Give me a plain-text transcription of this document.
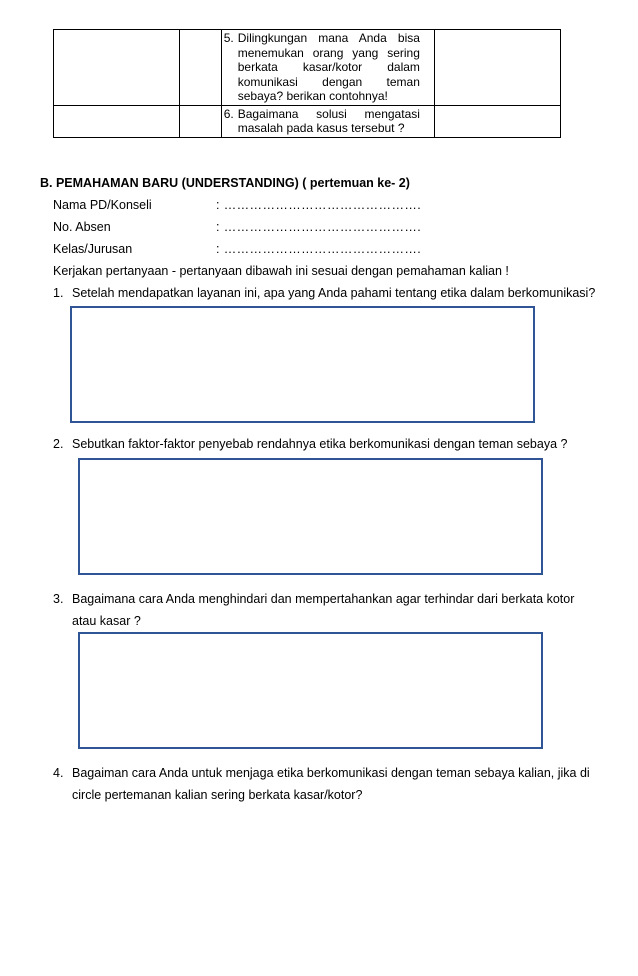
		5. Dilingkungan mana Anda bisa menemukan orang yang sering berkata kasar/kotor dalam komunikasi dengan teman sebaya? berikan contohnya!	

		6. Bagaimana solusi mengatasi masalah pada kasus tersebut ?	

B. PEMAHAMAN BARU (UNDERSTANDING) ( pertemuan ke- 2)
Nama PD/Konseli	: ……………………………………….
No. Absen	: ……………………………………….
Kelas/Jurusan	: ……………………………………….
Kerjakan pertanyaan - pertanyaan dibawah ini sesuai dengan pemahaman kalian !
1. Setelah mendapatkan layanan ini, apa yang Anda pahami tentang etika dalam berkomunikasi?
2. Sebutkan faktor-faktor penyebab rendahnya etika berkomunikasi dengan teman sebaya ?
3. Bagaimana cara Anda menghindari dan mempertahankan agar terhindar dari berkata kotor atau kasar ?
4. Bagaiman cara Anda untuk menjaga etika berkomunikasi dengan teman sebaya kalian, jika di circle pertemanan kalian sering berkata kasar/kotor?
